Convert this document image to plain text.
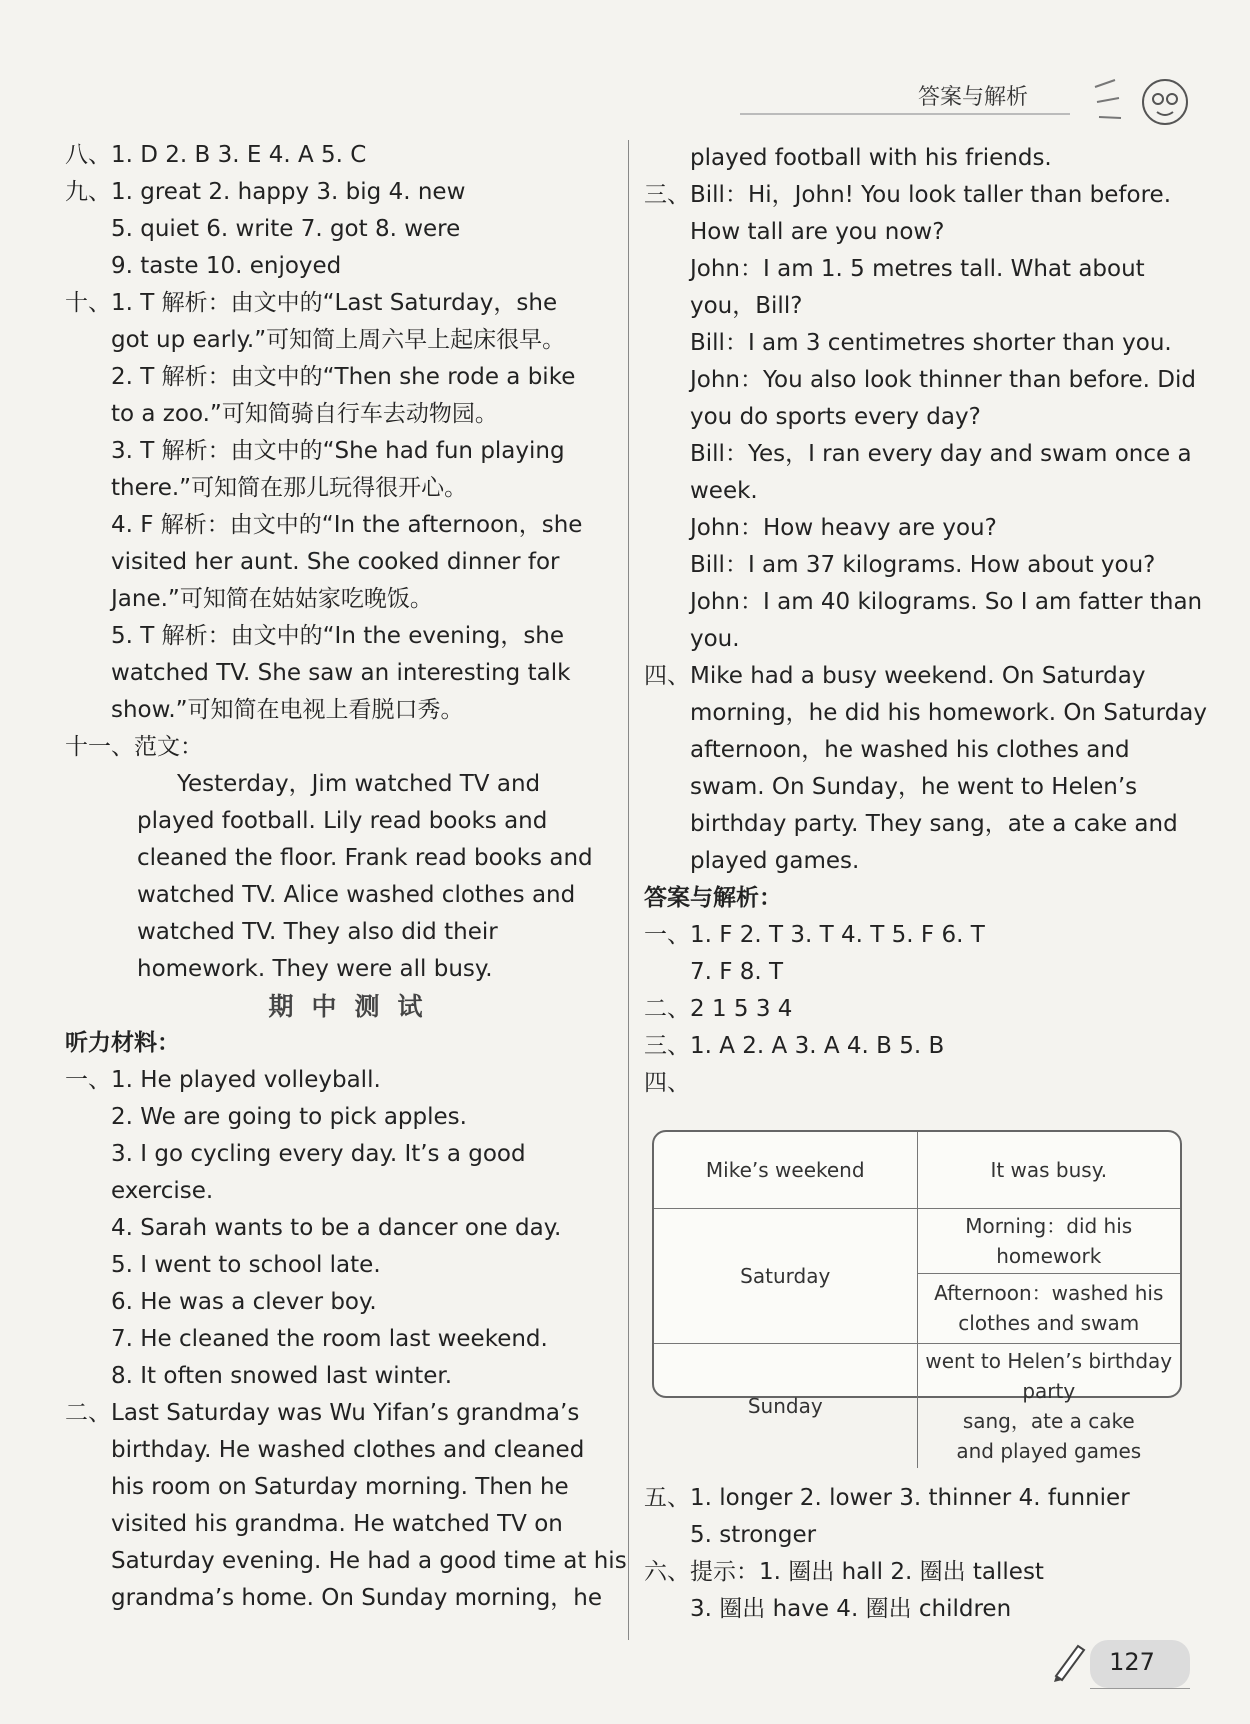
答案与解析
八、1. D 2. B 3. E 4. A 5. C
九、1. great 2. happy 3. big 4. new
5. quiet 6. write 7. got 8. were
9. taste 10. enjoyed
十、1. T 解析：由文中的“Last Saturday，she
got up early.”可知简上周六早上起床很早。
2. T 解析：由文中的“Then she rode a bike
to a zoo.”可知简骑自行车去动物园。
3. T 解析：由文中的“She had fun playing
there.”可知简在那儿玩得很开心。
4. F 解析：由文中的“In the afternoon，she
visited her aunt. She cooked dinner for
Jane.”可知简在姑姑家吃晚饭。
5. T 解析：由文中的“In the evening，she
watched TV. She saw an interesting talk
show.”可知简在电视上看脱口秀。
十一、范文：
Yesterday，Jim watched TV and
played football. Lily read books and
cleaned the floor. Frank read books and
watched TV. Alice washed clothes and
watched TV. They also did their
homework. They were all busy.
期中测试
听力材料：
一、1. He played volleyball.
2. We are going to pick apples.
3. I go cycling every day. It’s a good
exercise.
4. Sarah wants to be a dancer one day.
5. I went to school late.
6. He was a clever boy.
7. He cleaned the room last weekend.
8. It often snowed last winter.
二、Last Saturday was Wu Yifan’s grandma’s
birthday. He washed clothes and cleaned
his room on Saturday morning. Then he
visited his grandma. He watched TV on
Saturday evening. He had a good time at his
grandma’s home. On Sunday morning，he
played football with his friends.
三、Bill：Hi，John! You look taller than before.
How tall are you now?
John：I am 1. 5 metres tall. What about
you，Bill?
Bill：I am 3 centimetres shorter than you.
John：You also look thinner than before. Did
you do sports every day?
Bill：Yes，I ran every day and swam once a
week.
John：How heavy are you?
Bill：I am 37 kilograms. How about you?
John：I am 40 kilograms. So I am fatter than
you.
四、Mike had a busy weekend. On Saturday
morning，he did his homework. On Saturday
afternoon，he washed his clothes and
swam. On Sunday，he went to Helen’s
birthday party. They sang，ate a cake and
played games.
答案与解析：
一、1. F 2. T 3. T 4. T 5. F 6. T
7. F 8. T
二、2 1 5 3 4
三、1. A 2. A 3. A 4. B 5. B
四、
Mike’s weekend	It was busy.
Saturday	Morning：did his homework

	Afternoon：washed his
clothes and swam

Sunday	went to Helen’s birthday party
sang，ate a cake
and played games
五、1. longer 2. lower 3. thinner 4. funnier
5. stronger
六、提示：1. 圈出 hall 2. 圈出 tallest
3. 圈出 have 4. 圈出 children
127
